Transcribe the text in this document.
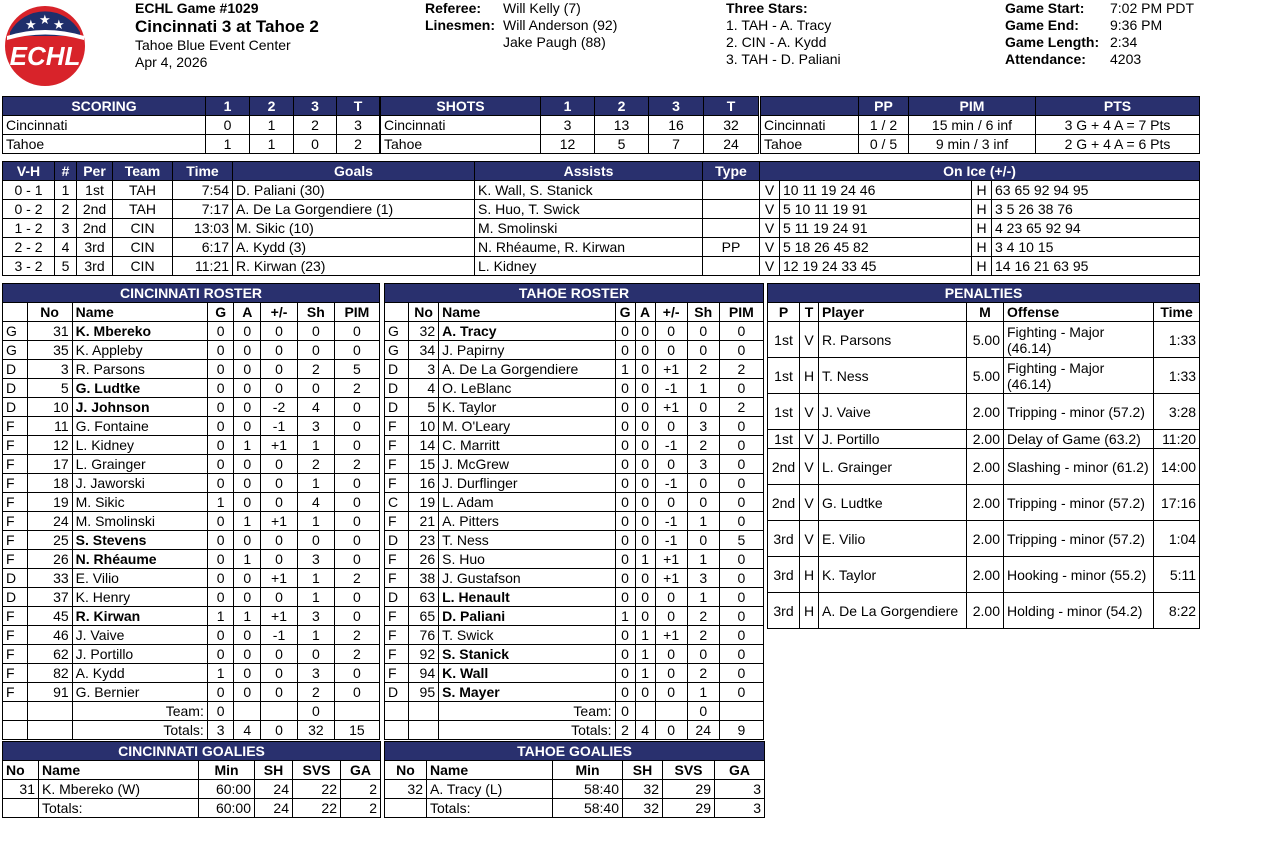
★ ★ ★
ECHL
ECHL Game #1029
Cincinnati 3 at Tahoe 2
Tahoe Blue Event Center
Apr 4, 2026
Referee: Will Kelly (7)
Linesmen: Will Anderson (92)
Jake Paugh (88)
Three Stars:
1. TAH - A. Tracy
2. CIN - A. Kydd
3. TAH - D. Paliani
Game Start: 7:02 PM PDT
Game End: 9:36 PM
Game Length: 2:34
Attendance: 4203
SCORING	1	2	3	T
Cincinnati	0	1	2	3
Tahoe	1	1	0	2
SHOTS	1	2	3	T
Cincinnati	3	13	16	32
Tahoe	12	5	7	24
	PP	PIM	PTS
Cincinnati	1 / 2	15 min / 6 inf	3 G + 4 A = 7 Pts
Tahoe	0 / 5	9 min / 3 inf	2 G + 4 A = 6 Pts
V-H	#	Per	Team	Time	Goals	Assists	Type	On Ice (+/-)			
0 - 1	1	1st	TAH	7:54	D. Paliani (30)	K. Wall, S. Stanick		V	10 11 19 24 46	H	63 65 92 94 95
0 - 2	2	2nd	TAH	7:17	A. De La Gorgendiere (1)	S. Huo, T. Swick		V	5 10 11 19 91	H	3 5 26 38 76
1 - 2	3	2nd	CIN	13:03	M. Sikic (10)	M. Smolinski		V	5 11 19 24 91	H	4 23 65 92 94
2 - 2	4	3rd	CIN	6:17	A. Kydd (3)	N. Rhéaume, R. Kirwan	PP	V	5 18 26 45 82	H	3 4 10 15
3 - 2	5	3rd	CIN	11:21	R. Kirwan (23)	L. Kidney		V	12 19 24 33 45	H	14 16 21 63 95
CINCINNATI ROSTER							
	No	Name	G	A	+/-	Sh	PIM
G	31	K. Mbereko	0	0	0	0	0
G	35	K. Appleby	0	0	0	0	0
D	3	R. Parsons	0	0	0	2	5
D	5	G. Ludtke	0	0	0	0	2
D	10	J. Johnson	0	0	-2	4	0
F	11	G. Fontaine	0	0	-1	3	0
F	12	L. Kidney	0	1	+1	1	0
F	17	L. Grainger	0	0	0	2	2
F	18	J. Jaworski	0	0	0	1	0
F	19	M. Sikic	1	0	0	4	0
F	24	M. Smolinski	0	1	+1	1	0
F	25	S. Stevens	0	0	0	0	0
F	26	N. Rhéaume	0	1	0	3	0
D	33	E. Vilio	0	0	+1	1	2
D	37	K. Henry	0	0	0	1	0
F	45	R. Kirwan	1	1	+1	3	0
F	46	J. Vaive	0	0	-1	1	2
F	62	J. Portillo	0	0	0	0	2
F	82	A. Kydd	1	0	0	3	0
F	91	G. Bernier	0	0	0	2	0
		Team:	0			0	
		Totals:	3	4	0	32	15
TAHOE ROSTER							
	No	Name	G	A	+/-	Sh	PIM
G	32	A. Tracy	0	0	0	0	0
G	34	J. Papirny	0	0	0	0	0
D	3	A. De La Gorgendiere	1	0	+1	2	2
D	4	O. LeBlanc	0	0	-1	1	0
D	5	K. Taylor	0	0	+1	0	2
F	10	M. O'Leary	0	0	0	3	0
F	14	C. Marritt	0	0	-1	2	0
F	15	J. McGrew	0	0	0	3	0
F	16	J. Durflinger	0	0	-1	0	0
C	19	L. Adam	0	0	0	0	0
F	21	A. Pitters	0	0	-1	1	0
D	23	T. Ness	0	0	-1	0	5
F	26	S. Huo	0	1	+1	1	0
F	38	J. Gustafson	0	0	+1	3	0
D	63	L. Henault	0	0	0	1	0
F	65	D. Paliani	1	0	0	2	0
F	76	T. Swick	0	1	+1	2	0
F	92	S. Stanick	0	1	0	0	0
F	94	K. Wall	0	1	0	2	0
D	95	S. Mayer	0	0	0	1	0
		Team:	0			0	
		Totals:	2	4	0	24	9
PENALTIES					
P	T	Player	M	Offense	Time
1st	V	R. Parsons	5.00	Fighting - Major (46.14)	1:33
1st	H	T. Ness	5.00	Fighting - Major (46.14)	1:33
1st	V	J. Vaive	2.00	Tripping - minor (57.2)	3:28
1st	V	J. Portillo	2.00	Delay of Game (63.2)	11:20
2nd	V	L. Grainger	2.00	Slashing - minor (61.2)	14:00
2nd	V	G. Ludtke	2.00	Tripping - minor (57.2)	17:16
3rd	V	E. Vilio	2.00	Tripping - minor (57.2)	1:04
3rd	H	K. Taylor	2.00	Hooking - minor (55.2)	5:11
3rd	H	A. De La Gorgendiere	2.00	Holding - minor (54.2)	8:22
CINCINNATI GOALIES					
No	Name	Min	SH	SVS	GA
31	K. Mbereko (W)	60:00	24	22	2
	Totals:	60:00	24	22	2
TAHOE GOALIES					
No	Name	Min	SH	SVS	GA
32	A. Tracy (L)	58:40	32	29	3
	Totals:	58:40	32	29	3
